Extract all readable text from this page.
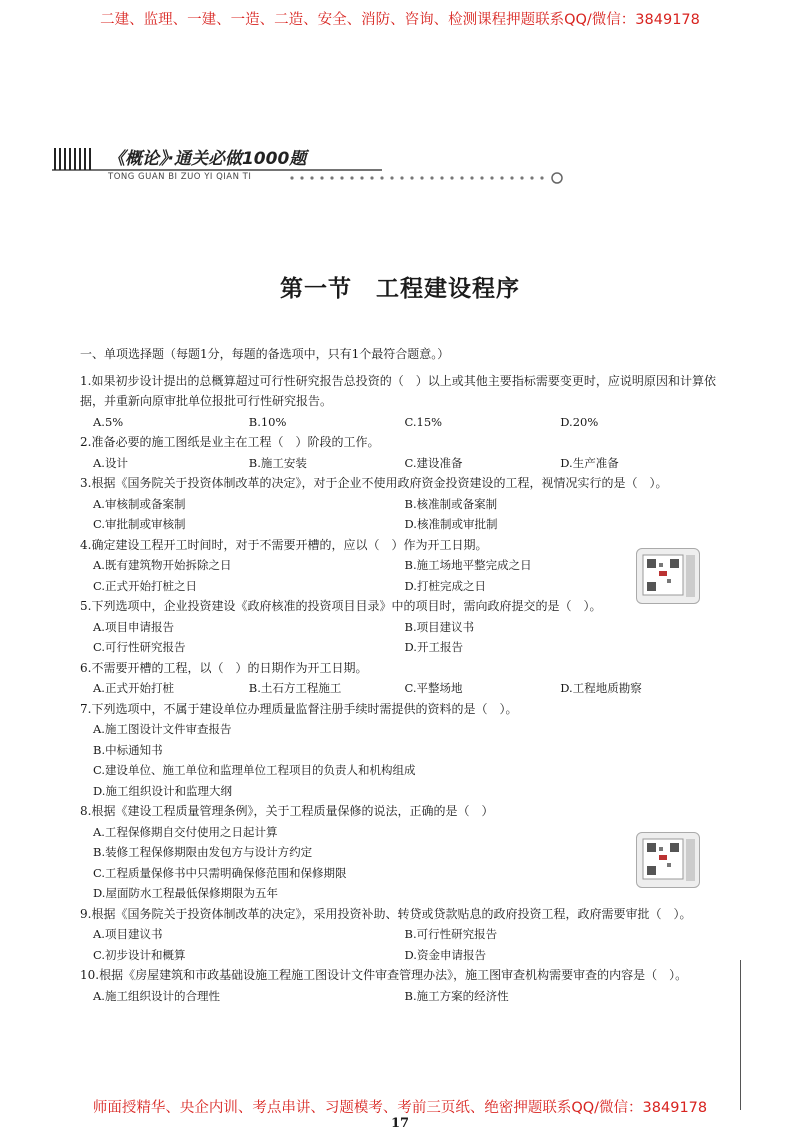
二建、监理、一建、一造、二造、安全、消防、咨询、检测课程押题联系QQ/微信：3849178
《概论》·通关必做1000题
TONG GUAN BI ZUO YI QIAN TI
第一节　工程建设程序

一、单项选择题（每题1分，每题的备选项中，只有1个最符合题意。）

1.如果初步设计提出的总概算超过可行性研究报告总投资的（　）以上或其他主要指标需要变更时，应说明原因和计算依据，并重新向原审批单位报批可行性研究报告。

A.5%	B.10%	C.15%	D.20%

2.准备必要的施工图纸是业主在工程（　）阶段的工作。

A.设计	B.施工安装	C.建设准备	D.生产准备

3.根据《国务院关于投资体制改革的决定》，对于企业不使用政府资金投资建设的工程，视情况实行的是（　）。

A.审核制或备案制	B.核准制或备案制
C.审批制或审核制	D.核准制或审批制

4.确定建设工程开工时间时，对于不需要开槽的，应以（　）作为开工日期。

A.既有建筑物开始拆除之日	B.施工场地平整完成之日
C.正式开始打桩之日	D.打桩完成之日

5.下列选项中，企业投资建设《政府核准的投资项目目录》中的项目时，需向政府提交的是（　）。

A.项目申请报告	B.项目建议书
C.可行性研究报告	D.开工报告

6.不需要开槽的工程，以（　）的日期作为开工日期。

A.正式开始打桩	B.土石方工程施工	C.平整场地	D.工程地质勘察

7.下列选项中，不属于建设单位办理质量监督注册手续时需提供的资料的是（　）。

A.施工图设计文件审查报告
B.中标通知书
C.建设单位、施工单位和监理单位工程项目的负责人和机构组成
D.施工组织设计和监理大纲

8.根据《建设工程质量管理条例》，关于工程质量保修的说法，正确的是（　）

A.工程保修期自交付使用之日起计算
B.装修工程保修期限由发包方与设计方约定
C.工程质量保修书中只需明确保修范围和保修期限
D.屋面防水工程最低保修期限为五年

9.根据《国务院关于投资体制改革的决定》，采用投资补助、转贷或贷款贴息的政府投资工程，政府需要审批（　）。

A.项目建议书	B.可行性研究报告
C.初步设计和概算	D.资金申请报告

10.根据《房屋建筑和市政基础设施工程施工图设计文件审查管理办法》，施工图审查机构需要审查的内容是（　）。

A.施工组织设计的合理性	B.施工方案的经济性
师面授精华、央企内训、考点串讲、习题模考、考前三页纸、绝密押题联系QQ/微信：3849178
17
